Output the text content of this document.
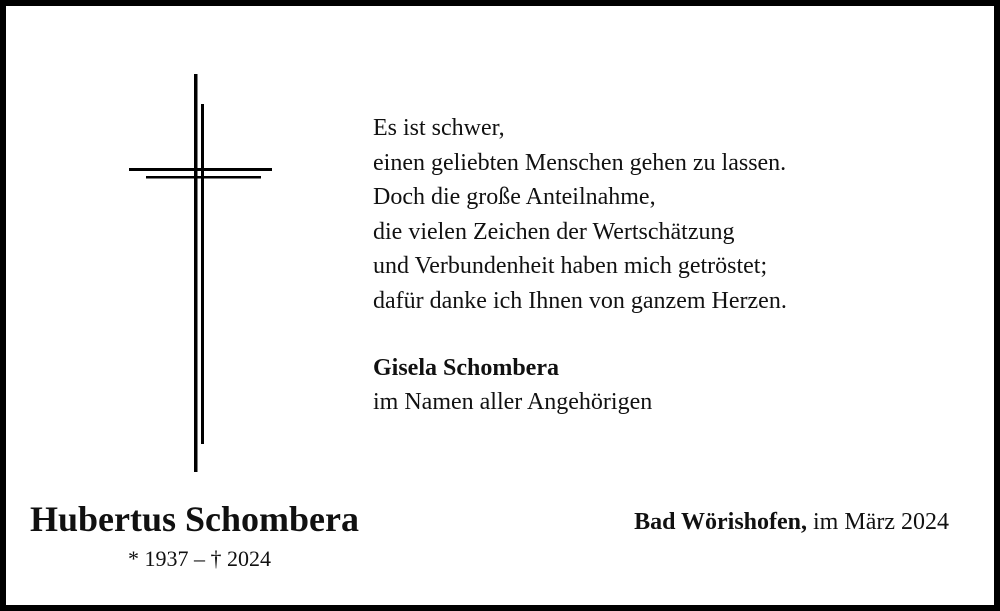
Es ist schwer,
einen geliebten Menschen gehen zu lassen.
Doch die große Anteilnahme,
die vielen Zeichen der Wertschätzung
und Verbundenheit haben mich getröstet;
dafür danke ich Ihnen von ganzem Herzen.
Gisela Schombera
im Namen aller Angehörigen
Hubertus Schombera
* 1937 – † 2024
Bad Wörishofen, im März 2024
